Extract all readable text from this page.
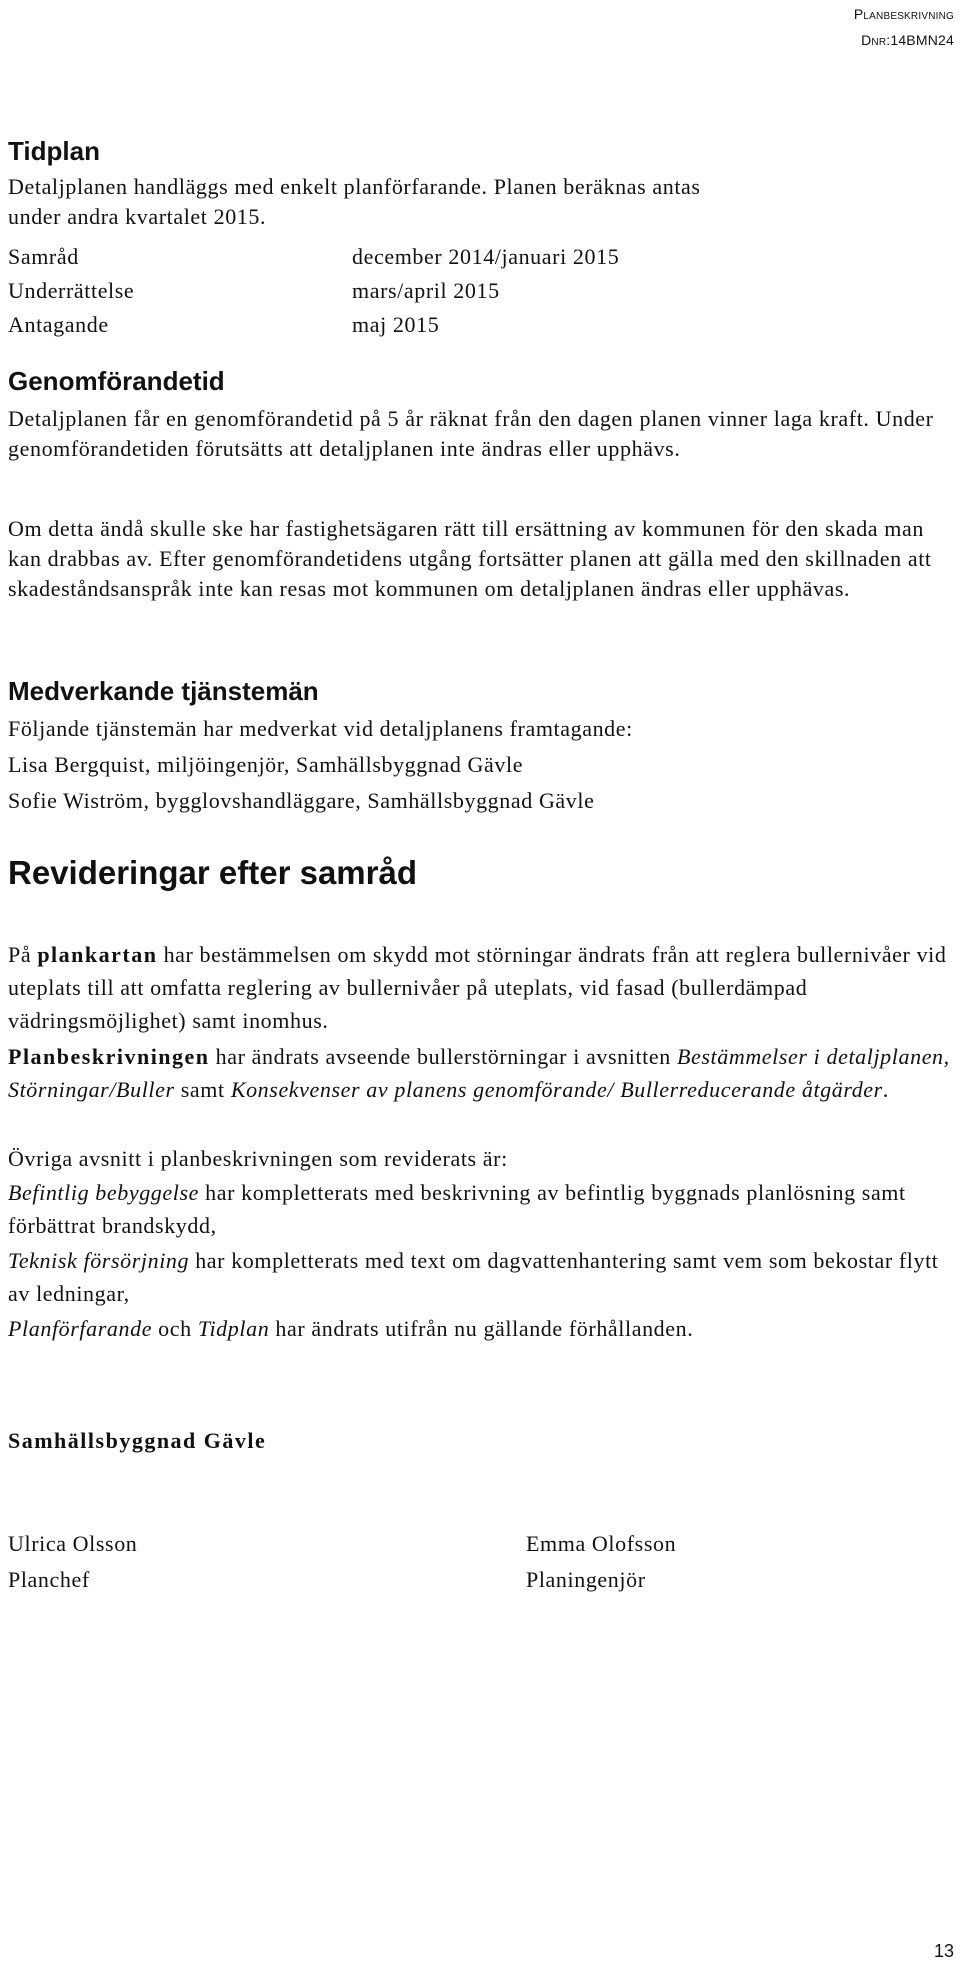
Planbeskrivning
Dnr:14BMN24
Tidplan
Detaljplanen handläggs med enkelt planförfarande. Planen beräknas antas
under andra kvartalet 2015.
Samråd	december 2014/januari 2015
Underrättelse	mars/april 2015
Antagande	maj 2015
Genomförandetid
Detaljplanen får en genomförandetid på 5 år räknat från den dagen planen vinner laga kraft. Under genomförandetiden förutsätts att detaljplanen inte ändras eller upphävs.
Om detta ändå skulle ske har fastighetsägaren rätt till ersättning av kommunen för den skada man kan drabbas av. Efter genomförandetidens utgång fortsätter planen att gälla med den skillnaden att skadeståndsanspråk inte kan resas mot kommunen om detaljplanen ändras eller upphävas.
Medverkande tjänstemän
Följande tjänstemän har medverkat vid detaljplanens framtagande:
Lisa Bergquist, miljöingenjör, Samhällsbyggnad Gävle
Sofie Wiström, bygglovshandläggare, Samhällsbyggnad Gävle
Revideringar efter samråd
På plankartan har bestämmelsen om skydd mot störningar ändrats från att reglera bullernivåer vid uteplats till att omfatta reglering av bullernivåer på uteplats, vid fasad (bullerdämpad vädringsmöjlighet) samt inomhus.
Planbeskrivningen har ändrats avseende bullerstörningar i avsnitten Bestämmelser i detaljplanen, Störningar/Buller samt Konsekvenser av planens genomförande/ Bullerreducerande åtgärder.
Övriga avsnitt i planbeskrivningen som reviderats är:
Befintlig bebyggelse har kompletterats med beskrivning av befintlig byggnads planlösning samt förbättrat brandskydd,
Teknisk försörjning har kompletterats med text om dagvattenhantering samt vem som bekostar flytt av ledningar,
Planförfarande och Tidplan har ändrats utifrån nu gällande förhållanden.
Samhällsbyggnad Gävle
Ulrica Olsson
Planchef
Emma Olofsson
Planingenjör
13
